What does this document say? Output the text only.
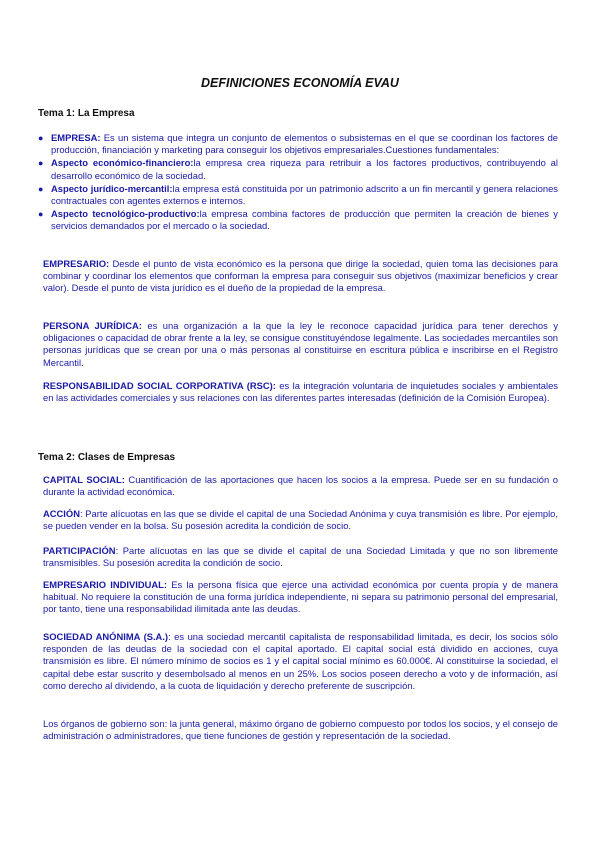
DEFINICIONES ECONOMÍA EVAU
Tema 1: La Empresa
● EMPRESA: Es un sistema que integra un conjunto de elementos o subsistemas en el que se coordinan los factores de producción, financiación y marketing para conseguir los objetivos empresariales.Cuestiones fundamentales:
● Aspecto económico-financiero:la empresa crea riqueza para retribuir a los factores productivos, contribuyendo al desarrollo económico de la sociedad.
● Aspecto jurídico-mercantil:la empresa está constituida por un patrimonio adscrito a un fin mercantil y genera relaciones contractuales con agentes externos e internos.
● Aspecto tecnológico-productivo:la empresa combina factores de producción que permiten la creación de bienes y servicios demandados por el mercado o la sociedad.

EMPRESARIO: Desde el punto de vista económico es la persona que dirige la sociedad, quien toma las decisiones para combinar y coordinar los elementos que conforman la empresa para conseguir sus objetivos (maximizar beneficios y crear valor). Desde el punto de vista jurídico es el dueño de la propiedad de la empresa.

PERSONA JURÍDICA: es una organización a la que la ley le reconoce capacidad jurídica para tener derechos y obligaciones o capacidad de obrar frente a la ley, se consigue constituyéndose legalmente. Las sociedades mercantiles son personas jurídicas que se crean por una o más personas al constituirse en escritura pública e inscribirse en el Registro Mercantil.

RESPONSABILIDAD SOCIAL CORPORATIVA (RSC): es la integración voluntaria de inquietudes sociales y ambientales en las actividades comerciales y sus relaciones con las diferentes partes interesadas (definición de la Comisión Europea).

Tema 2: Clases de Empresas

CAPITAL SOCIAL: Cuantificación de las aportaciones que hacen los socios a la empresa. Puede ser en su fundación o durante la actividad económica.

ACCIÓN: Parte alícuotas en las que se divide el capital de una Sociedad Anónima y cuya transmisión es libre. Por ejemplo, se pueden vender en la bolsa. Su posesión acredita la condición de socio.

PARTICIPACIÓN: Parte alícuotas en las que se divide el capital de una Sociedad Limitada y que no son libremente transmisibles. Su posesión acredita la condición de socio.

EMPRESARIO INDIVIDUAL: Es la persona física que ejerce una actividad económica por cuenta propia y de manera habitual. No requiere la constitución de una forma jurídica independiente, ni separa su patrimonio personal del empresarial, por tanto, tiene una responsabilidad ilimitada ante las deudas.

SOCIEDAD ANÓNIMA (S.A.): es una sociedad mercantil capitalista de responsabilidad limitada, es decir, los socios sólo responden de las deudas de la sociedad con el capital aportado. El capital social está dividido en acciones, cuya transmisión es libre. El número mínimo de socios es 1 y el capital social mínimo es 60.000€. Al constituirse la sociedad, el capital debe estar suscrito y desembolsado al menos en un 25%. Los socios poseen derecho a voto y de información, así como derecho al dividendo, a la cuota de liquidación y derecho preferente de suscripción.

Los órganos de gobierno son: la junta general, máximo órgano de gobierno compuesto por todos los socios, y el consejo de administración o administradores, que tiene funciones de gestión y representación de la sociedad.
